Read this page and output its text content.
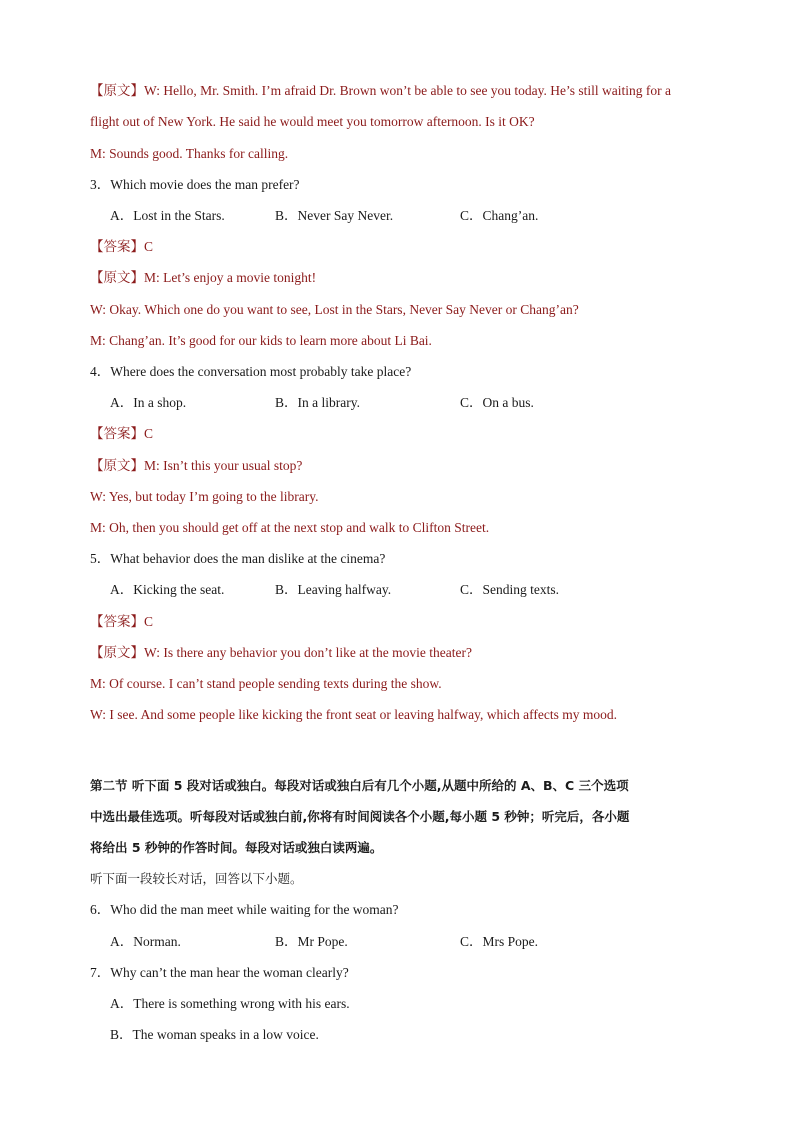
【原文】W: Hello, Mr. Smith. I’m afraid Dr. Brown won’t be able to see you today. He’s still waiting for a
flight out of New York. He said he would meet you tomorrow afternoon. Is it OK?
M: Sounds good. Thanks for calling.
3．Which movie does the man prefer?
A．Lost in the Stars.	B．Never Say Never.	C．Chang’an.
【答案】C
【原文】M: Let’s enjoy a movie tonight!
W: Okay. Which one do you want to see, Lost in the Stars, Never Say Never or Chang’an?
M: Chang’an. It’s good for our kids to learn more about Li Bai.
4．Where does the conversation most probably take place?
A．In a shop.	B．In a library.	C．On a bus.
【答案】C
【原文】M: Isn’t this your usual stop?
W: Yes, but today I’m going to the library.
M: Oh, then you should get off at the next stop and walk to Clifton Street.
5．What behavior does the man dislike at the cinema?
A．Kicking the seat.	B．Leaving halfway.	C．Sending texts.
【答案】C
【原文】W: Is there any behavior you don’t like at the movie theater?
M: Of course. I can’t stand people sending texts during the show.
W: I see. And some people like kicking the front seat or leaving halfway, which affects my mood.
第二节 听下面 5 段对话或独白。每段对话或独白后有几个小题,从题中所给的 A、B、C 三个选项
中选出最佳选项。听每段对话或独白前,你将有时间阅读各个小题,每小题 5 秒钟；听完后，各小题
将给出 5 秒钟的作答时间。每段对话或独白读两遍。
听下面一段较长对话，回答以下小题。
6．Who did the man meet while waiting for the woman?
A．Norman.	B．Mr Pope.	C．Mrs Pope.
7．Why can’t the man hear the woman clearly?
A．There is something wrong with his ears.
B．The woman speaks in a low voice.
